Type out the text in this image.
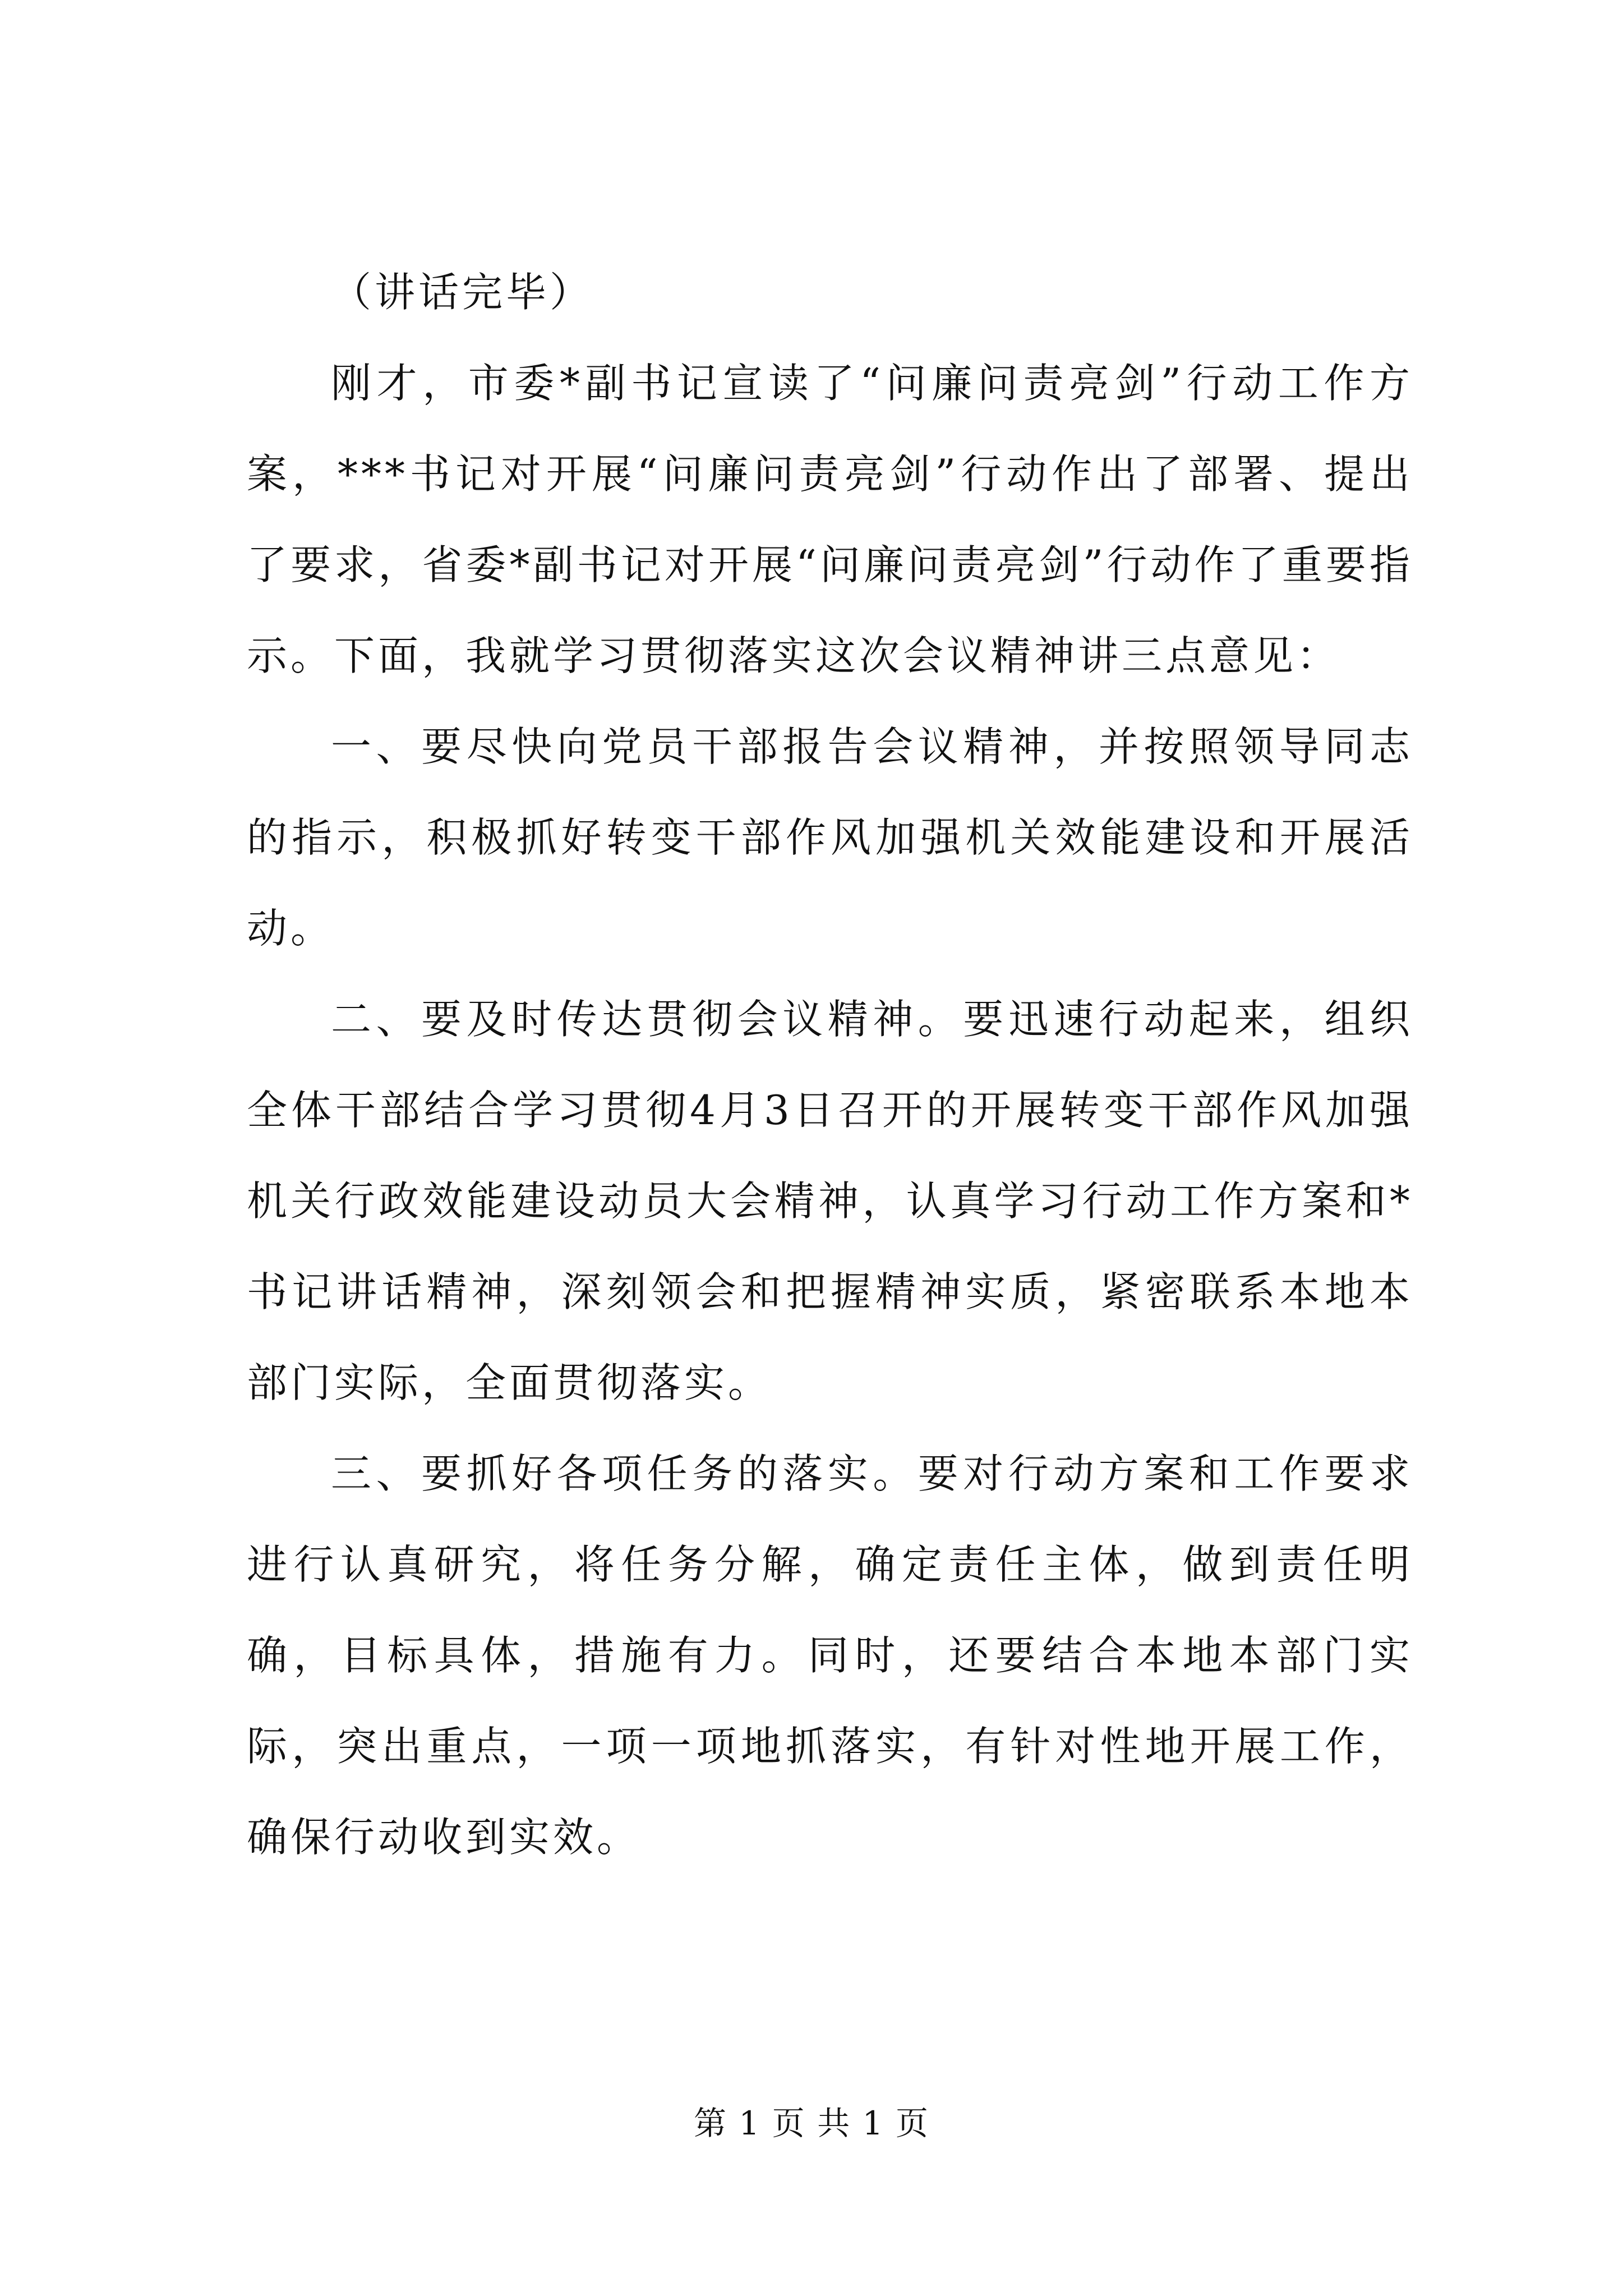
（讲话完毕）

刚才，市委*副书记宣读了“问廉问责亮剑”行动工作方案，***书记对开展“问廉问责亮剑”行动作出了部署、提出了要求，省委*副书记对开展“问廉问责亮剑”行动作了重要指示。下面，我就学习贯彻落实这次会议精神讲三点意见：

一、要尽快向党员干部报告会议精神，并按照领导同志的指示，积极抓好转变干部作风加强机关效能建设和开展活动。

二、要及时传达贯彻会议精神。要迅速行动起来，组织全体干部结合学习贯彻4月3日召开的开展转变干部作风加强机关行政效能建设动员大会精神，认真学习行动工作方案和*书记讲话精神，深刻领会和把握精神实质，紧密联系本地本部门实际，全面贯彻落实。

三、要抓好各项任务的落实。要对行动方案和工作要求进行认真研究，将任务分解，确定责任主体，做到责任明确，目标具体，措施有力。同时，还要结合本地本部门实际，突出重点，一项一项地抓落实，有针对性地开展工作，确保行动收到实效。

第 1 页 共 1 页
